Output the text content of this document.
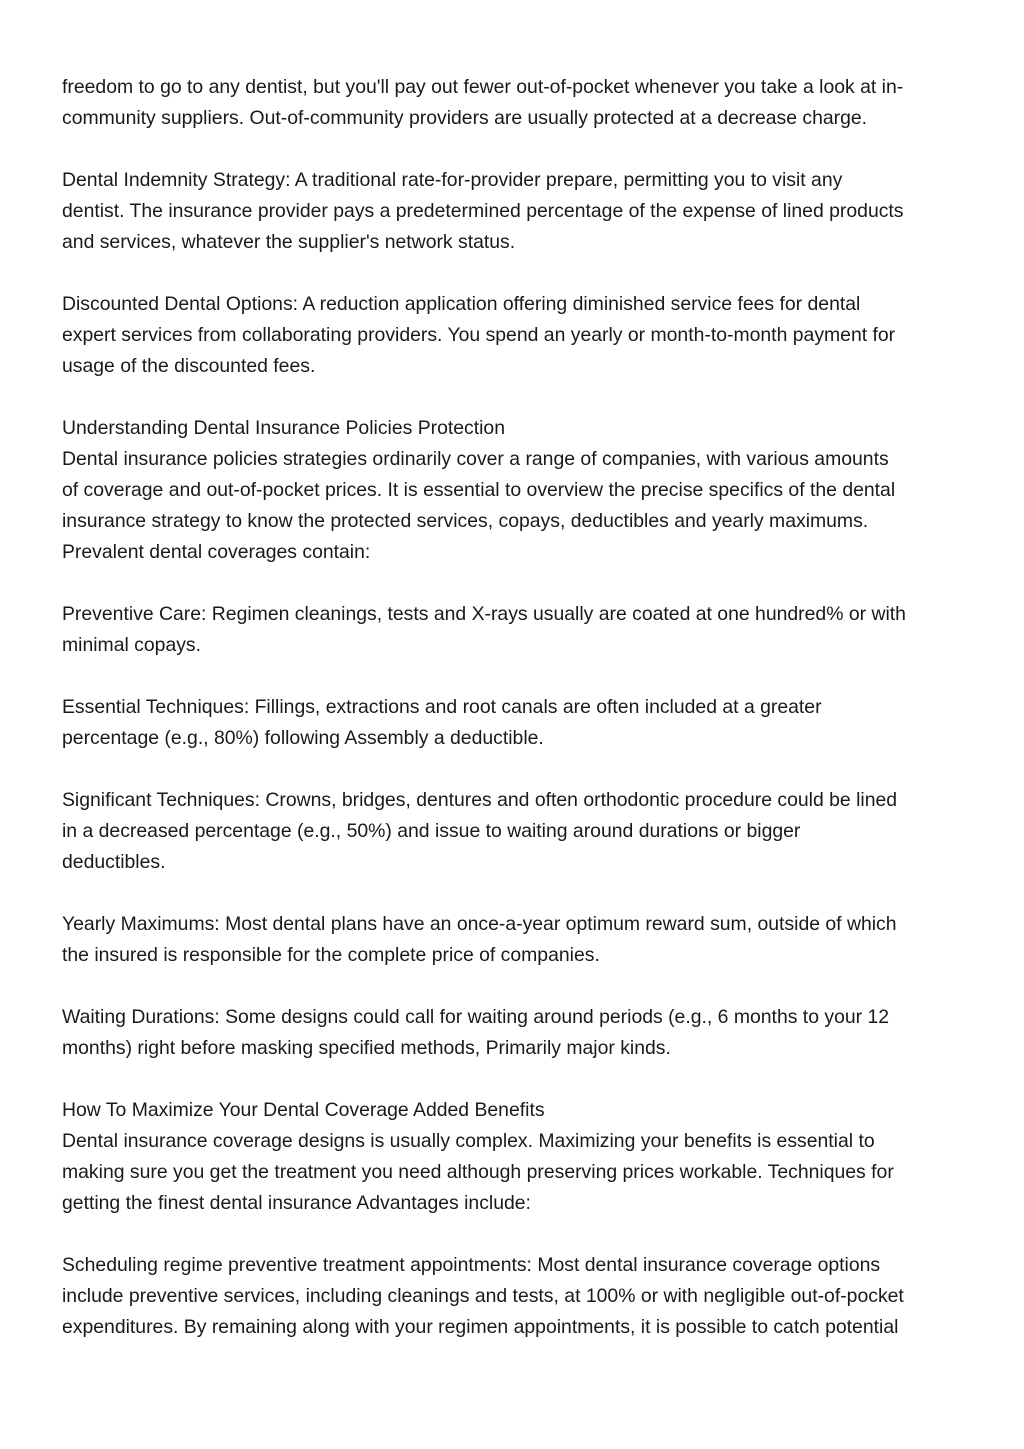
freedom to go to any dentist, but you'll pay out fewer out-of-pocket whenever you take a look at in-
community suppliers. Out-of-community providers are usually protected at a decrease charge.

Dental Indemnity Strategy: A traditional rate-for-provider prepare, permitting you to visit any
dentist. The insurance provider pays a predetermined percentage of the expense of lined products
and services, whatever the supplier's network status.

Discounted Dental Options: A reduction application offering diminished service fees for dental
expert services from collaborating providers. You spend an yearly or month-to-month payment for
usage of the discounted fees.

Understanding Dental Insurance Policies Protection
Dental insurance policies strategies ordinarily cover a range of companies, with various amounts
of coverage and out-of-pocket prices. It is essential to overview the precise specifics of the dental
insurance strategy to know the protected services, copays, deductibles and yearly maximums.
Prevalent dental coverages contain:

Preventive Care: Regimen cleanings, tests and X-rays usually are coated at one hundred% or with
minimal copays.

Essential Techniques: Fillings, extractions and root canals are often included at a greater
percentage (e.g., 80%) following Assembly a deductible.

Significant Techniques: Crowns, bridges, dentures and often orthodontic procedure could be lined
in a decreased percentage (e.g., 50%) and issue to waiting around durations or bigger
deductibles.

Yearly Maximums: Most dental plans have an once-a-year optimum reward sum, outside of which
the insured is responsible for the complete price of companies.

Waiting Durations: Some designs could call for waiting around periods (e.g., 6 months to your 12
months) right before masking specified methods, Primarily major kinds.

How To Maximize Your Dental Coverage Added Benefits
Dental insurance coverage designs is usually complex. Maximizing your benefits is essential to
making sure you get the treatment you need although preserving prices workable. Techniques for
getting the finest dental insurance Advantages include:

Scheduling regime preventive treatment appointments: Most dental insurance coverage options
include preventive services, including cleanings and tests, at 100% or with negligible out-of-pocket
expenditures. By remaining along with your regimen appointments, it is possible to catch potential
